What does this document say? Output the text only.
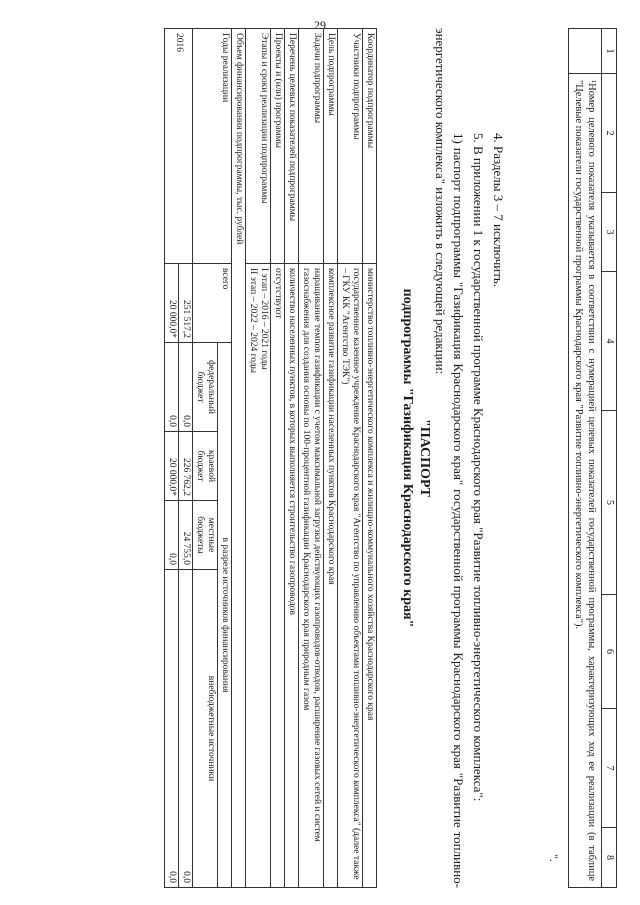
29
1	2	3	4	5	6	7	8
	¹Номер целевого показателя указывается в соответствии с нумерацией целевых показателей государственной программы, характеризующих ход ее реализации (в таблице "Целевые показатели государственной программы Краснодарского края "Развитие топливно-энергетического комплекса").						
".

4. Разделы 3 – 7 исключить.

5. В приложении 1 к государственной программе Краснодарского края "Развитие топливно-энергетического комплекса":

1) паспорт подпрограммы "Газификация Краснодарского края" государственной программы Краснодарского края "Развитие топливно-энергетического комплекса" изложить в следующей редакции:

"ПАСПОРТ
подпрограммы "Газификация Краснодарского края"
Координатор подпрограммы	министерство топливно-энергетического комплекса и жилищно-коммунального хозяйства Краснодарского края				
Участники подпрограммы	государственное казенное учреждение Краснодарского края "Агентство по управлению объектами топливно-энергетического комплекса" (далее также – ГКУ КК "Агентство ТЭК")				
Цель подпрограммы	комплексное развитие газификации населенных пунктов Краснодарского края				
Задачи подпрограммы	наращивание темпов газификации с учетом максимальной загрузки действующих газопроводов-отводов, расширение газовых сетей и систем газоснабжения для создания основы по 100-процентной газификации Краснодарского края природным газом				
Перечень целевых показателей подпрограммы	количество населенных пунктов, в которых выполняется строительство газопроводов				
Проекты и (или) программы	отсутствуют				
Этапы и сроки реализации подпрограммы	I этап – 2016 – 2021 годы
II этап – 2022 – 2024 годы				

Объем финансирования подпрограммы, тыс. рублей					
Годы реализации	всего	в разрезе источников финансирования			
		федеральный бюджет	краевой бюджет	местные бюджеты	внебюджетные источники
2016	251 517,2	0,0	226 762,2	24 755,0	0,0
	20 000,0*	0,0	20 000,0*	0,0	0,0
